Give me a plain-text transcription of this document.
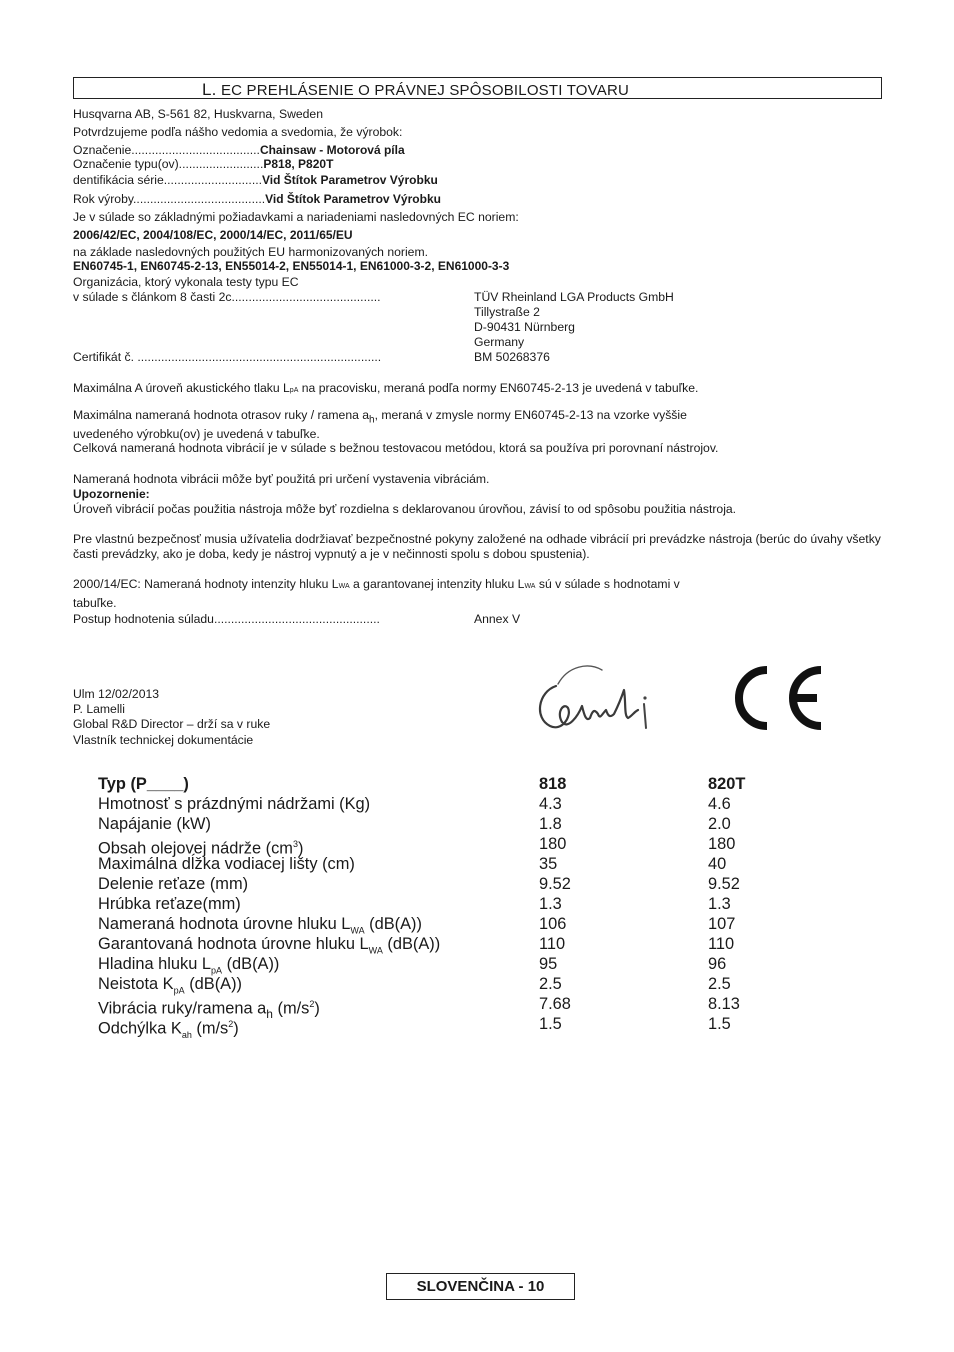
L. EC PREHLÁSENIE O PRÁVNEJ SPÔSOBILOSTI TOVARU
Husqvarna AB, S-561 82, Huskvarna, Sweden
Potvrdzujeme podľa nášho vedomia a svedomia, že výrobok:
Označenie......................................Chainsaw - Motorová píla
Označenie typu(ov).........................P818, P820T
dentifikácia série.............................Vid Štítok Parametrov Výrobku
Rok výroby.......................................Vid Štítok Parametrov Výrobku
Je v súlade so základnými požiadavkami a nariadeniami nasledovných EC noriem:
2006/42/EC, 2004/108/EC, 2000/14/EC, 2011/65/EU
na základe nasledovných použitých EU harmonizovaných noriem.
EN60745-1, EN60745-2-13, EN55014-2, EN55014-1, EN61000-3-2, EN61000-3-3
Organizácia, ktorý vykonala testy typu EC
v súlade s článkom 8 časti 2c............................................	TÜV Rheinland LGA Products GmbH
Tillystraße 2
D-90431 Nürnberg
Germany
Certifikát č. ........................................................................	BM 50268376
Maximálna A úroveň akustického tlaku LpA na pracovisku, meraná podľa normy EN60745-2-13 je uvedená v tabuľke.
Maximálna nameraná hodnota otrasov ruky / ramena $a_h$, meraná v zmysle normy EN60745-2-13 na vzorke vyššie
uvedeného výrobku(ov) je uvedená v tabuľke.
Celková nameraná hodnota vibrácií je v súlade s bežnou testovacou metódou, ktorá sa používa pri porovnaní nástrojov.
Nameraná hodnota vibrácii môže byť použitá pri určení vystavenia vibráciám.
Upozornenie:
Úroveň vibrácií počas použitia nástroja môže byť rozdielna s deklarovanou úrovňou, závisí to od spôsobu použitia nástroja.
Pre vlastnú bezpečnosť musia užívatelia dodržiavať bezpečnostné pokyny založené na odhade vibrácií pri prevádzke nástroja (berúc do úvahy všetky časti prevádzky, ako je doba, kedy je nástroj vypnutý a je v nečinnosti spolu s dobou spustenia).
2000/14/EC: Nameraná hodnoty intenzity hluku LWA a garantovanej intenzity hluku LWA sú v súlade s hodnotami v
tabuľke.
Postup hodnotenia súladu.................................................	Annex V
Ulm 12/02/2013
P. Lamelli
Global R&D Director – drží sa v ruke
Vlastník technickej dokumentácie
Typ (P____)	818	820T
Hmotnosť s prázdnými nádržami (Kg)	4.3	4.6
Napájanie (kW)	1.8	2.0
Obsah olejovej nádrže $(cm^3)$	180	180
Maximálna dĺžka vodiacej lišty (cm)	35	40
Delenie reťaze (mm)	9.52	9.52
Hrúbka reťaze(mm)	1.3	1.3
Nameraná hodnota úrovne hluku $L_{WA}$ (dB(A))	106	107
Garantovaná hodnota úrovne hluku $L_{WA}$ (dB(A))	110	110
Hladina hluku $L_{pA}$ (dB(A))	95	96
Neistota $K_{pA}$ (dB(A))	2.5	2.5
Vibrácia ruky/ramena $a_h$ $(m/s^2)$	7.68	8.13
Odchýlka $K_{ah}$ $(m/s^2)$	1.5	1.5
SLOVENČINA - 10
